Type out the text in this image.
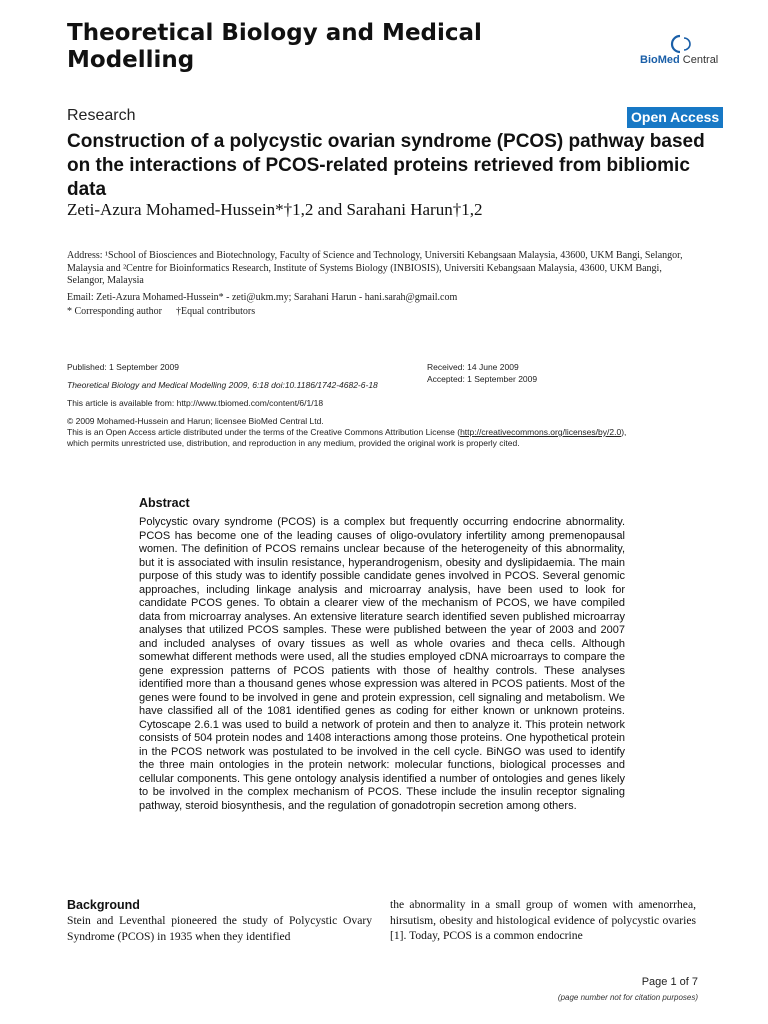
Theoretical Biology and Medical
Modelling	BioMed Central
Research	Open Access
Construction of a polycystic ovarian syndrome (PCOS) pathway based on the interactions of PCOS-related proteins retrieved from bibliomic data
Zeti-Azura Mohamed-Hussein*†1,2 and Sarahani Harun†1,2
Address: ¹School of Biosciences and Biotechnology, Faculty of Science and Technology, Universiti Kebangsaan Malaysia, 43600, UKM Bangi, Selangor, Malaysia and ²Centre for Bioinformatics Research, Institute of Systems Biology (INBIOSIS), Universiti Kebangsaan Malaysia, 43600, UKM Bangi, Selangor, Malaysia
Email: Zeti-Azura Mohamed-Hussein* - zeti@ukm.my; Sarahani Harun - hani.sarah@gmail.com
* Corresponding author †Equal contributors
Published: 1 September 2009
Theoretical Biology and Medical Modelling 2009, 6:18 doi:10.1186/1742-4682-6-18
This article is available from: http://www.tbiomed.com/content/6/1/18
Received: 14 June 2009
Accepted: 1 September 2009
© 2009 Mohamed-Hussein and Harun; licensee BioMed Central Ltd.
This is an Open Access article distributed under the terms of the Creative Commons Attribution License (http://creativecommons.org/licenses/by/2.0),
which permits unrestricted use, distribution, and reproduction in any medium, provided the original work is properly cited.
Abstract
Polycystic ovary syndrome (PCOS) is a complex but frequently occurring endocrine abnormality. PCOS has become one of the leading causes of oligo-ovulatory infertility among premenopausal women. The definition of PCOS remains unclear because of the heterogeneity of this abnormality, but it is associated with insulin resistance, hyperandrogenism, obesity and dyslipidaemia. The main purpose of this study was to identify possible candidate genes involved in PCOS. Several genomic approaches, including linkage analysis and microarray analysis, have been used to look for candidate PCOS genes. To obtain a clearer view of the mechanism of PCOS, we have compiled data from microarray analyses. An extensive literature search identified seven published microarray analyses that utilized PCOS samples. These were published between the year of 2003 and 2007 and included analyses of ovary tissues as well as whole ovaries and theca cells. Although somewhat different methods were used, all the studies employed cDNA microarrays to compare the gene expression patterns of PCOS patients with those of healthy controls. These analyses identified more than a thousand genes whose expression was altered in PCOS patients. Most of the genes were found to be involved in gene and protein expression, cell signaling and metabolism. We have classified all of the 1081 identified genes as coding for either known or unknown proteins. Cytoscape 2.6.1 was used to build a network of protein and then to analyze it. This protein network consists of 504 protein nodes and 1408 interactions among those proteins. One hypothetical protein in the PCOS network was postulated to be involved in the cell cycle. BiNGO was used to identify the three main ontologies in the protein network: molecular functions, biological processes and cellular components. This gene ontology analysis identified a number of ontologies and genes likely to be involved in the complex mechanism of PCOS. These include the insulin receptor signaling pathway, steroid biosynthesis, and the regulation of gonadotropin secretion among others.
Background
Stein and Leventhal pioneered the study of Polycystic Ovary Syndrome (PCOS) in 1935 when they identified
the abnormality in a small group of women with amenorrhea, hirsutism, obesity and histological evidence of polycystic ovaries [1]. Today, PCOS is a common endocrine
Page 1 of 7
(page number not for citation purposes)
